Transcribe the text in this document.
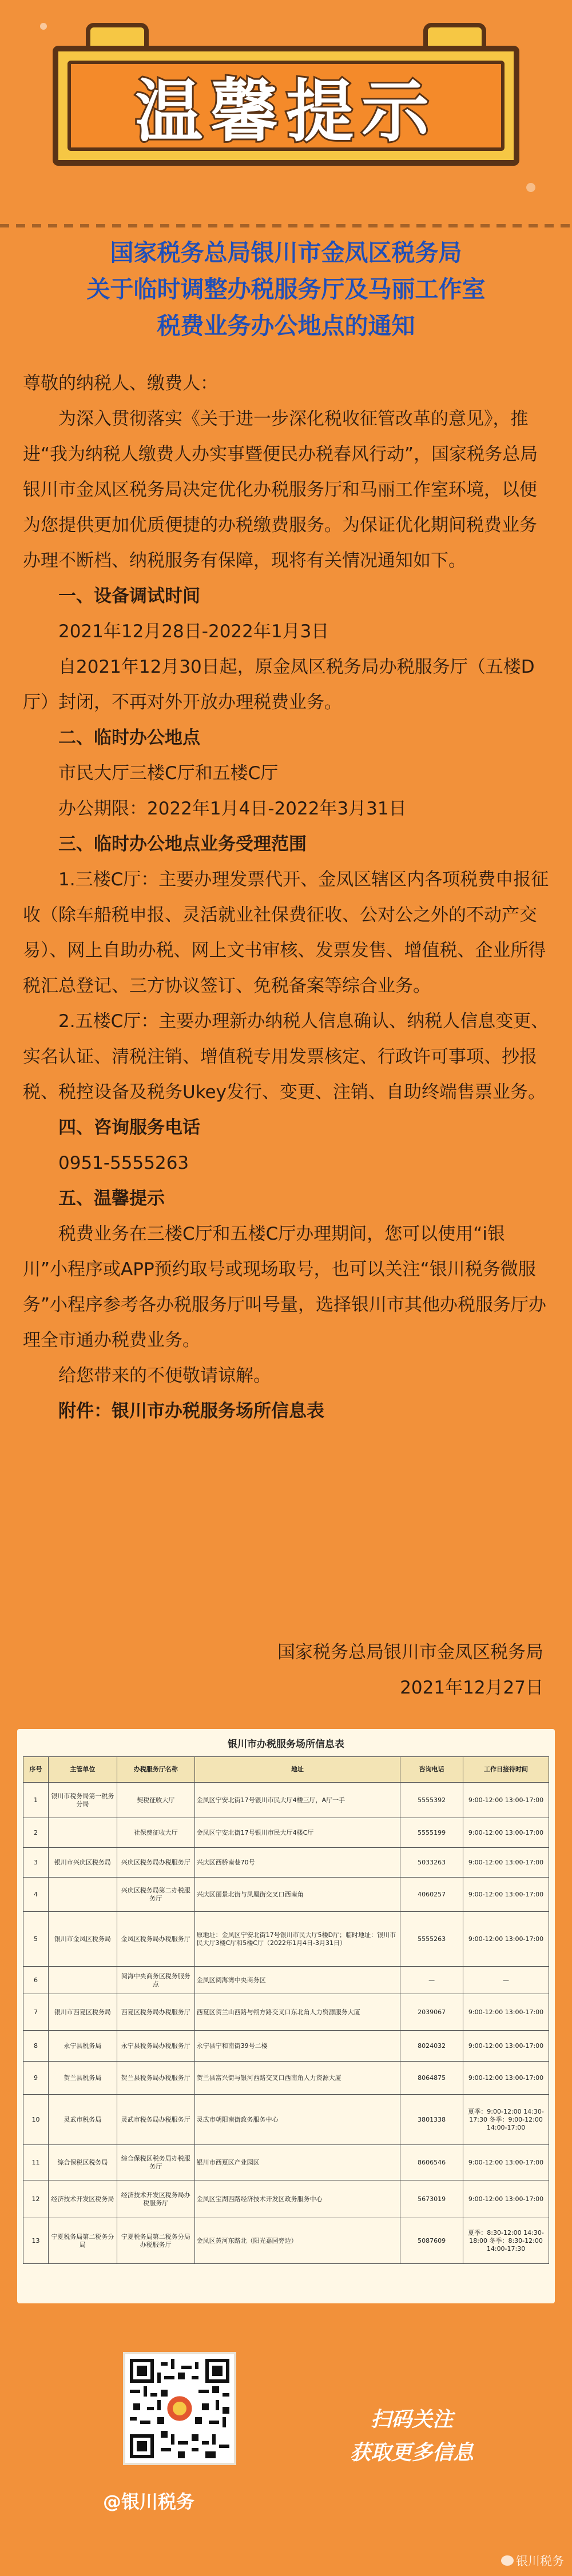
温馨提示
国家税务总局银川市金凤区税务局
关于临时调整办税服务厅及马丽工作室
税费业务办公地点的通知

尊敬的纳税人、缴费人：

为深入贯彻落实《关于进一步深化税收征管改革的意见》，推进“我为纳税人缴费人办实事暨便民办税春风行动”，国家税务总局银川市金凤区税务局决定优化办税服务厅和马丽工作室环境，以便为您提供更加优质便捷的办税缴费服务。为保证优化期间税费业务办理不断档、纳税服务有保障，现将有关情况通知如下。

一、设备调试时间

2021年12月28日-2022年1月3日

自2021年12月30日起，原金凤区税务局办税服务厅（五楼D厅）封闭，不再对外开放办理税费业务。

二、临时办公地点

市民大厅三楼C厅和五楼C厅

办公期限：2022年1月4日-2022年3月31日

三、临时办公地点业务受理范围

1.三楼C厅：主要办理发票代开、金凤区辖区内各项税费申报征收（除车船税申报、灵活就业社保费征收、公对公之外的不动产交易）、网上自助办税、网上文书审核、发票发售、增值税、企业所得税汇总登记、三方协议签订、免税备案等综合业务。

2.五楼C厅：主要办理新办纳税人信息确认、纳税人信息变更、实名认证、清税注销、增值税专用发票核定、行政许可事项、抄报税、税控设备及税务Ukey发行、变更、注销、自助终端售票业务。

四、咨询服务电话

0951-5555263

五、温馨提示

税费业务在三楼C厅和五楼C厅办理期间，您可以使用“i银川”小程序或APP预约取号或现场取号，也可以关注“银川税务微服务”小程序参考各办税服务厅叫号量，选择银川市其他办税服务厅办理全市通办税费业务。

给您带来的不便敬请谅解。

附件：银川市办税服务场所信息表

国家税务总局银川市金凤区税务局
2021年12月27日
银川市办税服务场所信息表
序号	主管单位	办税服务厅名称	地址	咨询电话	工作日接待时间
1	银川市税务局第一税务分局	契税征收大厅	金凤区宁安北街17号银川市民大厅4楼三厅，A厅一手	5555392	9:00-12:00 13:00-17:00
2		社保费征收大厅	金凤区宁安北街17号银川市民大厅4楼C厅	5555199	9:00-12:00 13:00-17:00
3	银川市兴庆区税务局	兴庆区税务局办税服务厅	兴庆区西桥南巷70号	5033263	9:00-12:00 13:00-17:00
4		兴庆区税务局第二办税服务厅	兴庆区丽景北街与凤凰街交叉口西南角	4060257	9:00-12:00 13:00-17:00
5	银川市金凤区税务局	金凤区税务局办税服务厅	原地址：金凤区宁安北街17号银川市民大厅5楼D厅；临时地址：银川市民大厅3楼C厅和5楼C厅（2022年1月4日-3月31日）	5555263	9:00-12:00 13:00-17:00
6		阅海中央商务区税务服务点	金凤区阅海湾中央商务区	—	—
7	银川市西夏区税务局	西夏区税务局办税服务厅	西夏区贺兰山西路与朔方路交叉口东北角人力资源服务大厦	2039067	9:00-12:00 13:00-17:00
8	永宁县税务局	永宁县税务局办税服务厅	永宁县宁和南街39号二楼	8024032	9:00-12:00 13:00-17:00
9	贺兰县税务局	贺兰县税务局办税服务厅	贺兰县富兴街与银河西路交叉口西南角人力资源大厦	8064875	9:00-12:00 13:00-17:00
10	灵武市税务局	灵武市税务局办税服务厅	灵武市朝阳南街政务服务中心	3801338	夏季：9:00-12:00 14:30-17:30 冬季：9:00-12:00 14:00-17:00
11	综合保税区税务局	综合保税区税务局办税服务厅	银川市西夏区产业园区	8606546	9:00-12:00 13:00-17:00
12	经济技术开发区税务局	经济技术开发区税务局办税服务厅	金凤区宝湖西路经济技术开发区政务服务中心	5673019	9:00-12:00 13:00-17:00
13	宁夏税务局第二税务分局	宁夏税务局第二税务分局办税服务厅	金凤区黄河东路北（阳光嘉园旁边）	5087609	夏季：8:30-12:00 14:30-18:00 冬季：8:30-12:00 14:00-17:30
@银川税务
扫码关注
获取更多信息
银川税务
